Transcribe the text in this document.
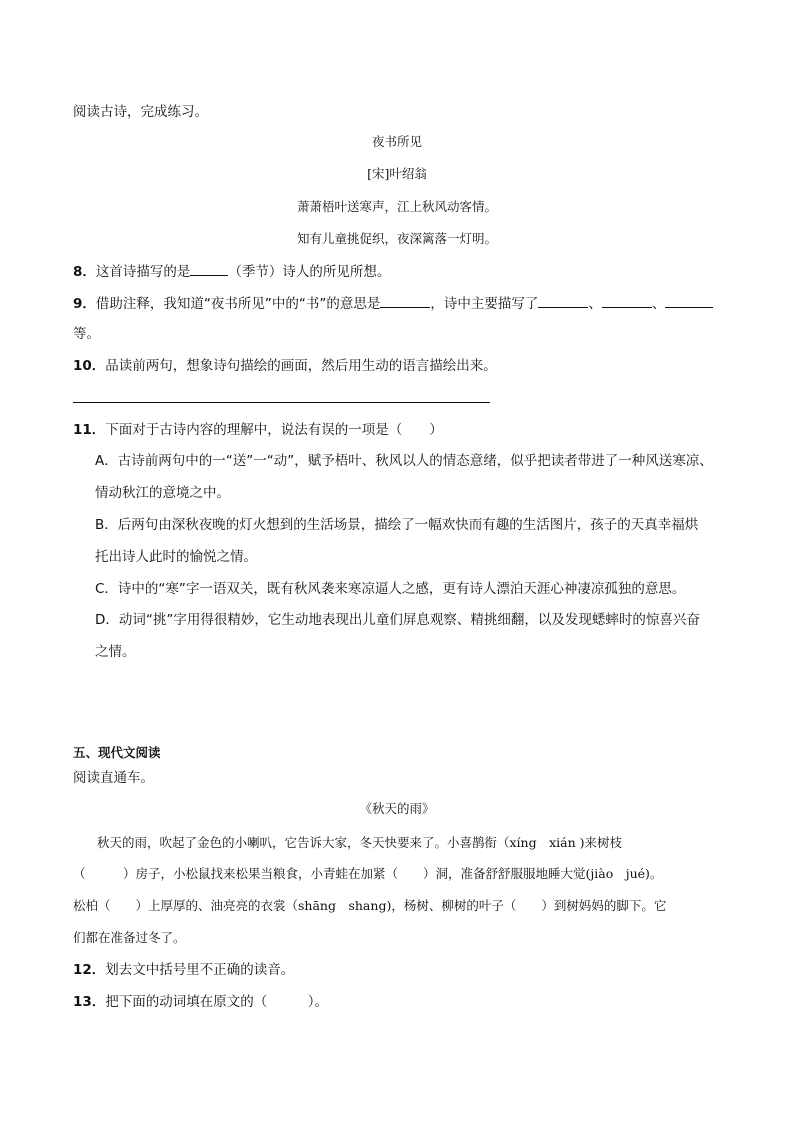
阅读古诗，完成练习。
夜书所见
[宋]叶绍翁
萧萧梧叶送寒声，江上秋风动客情。
知有儿童挑促织，夜深篱落一灯明。
8．这首诗描写的是	（季节）诗人的所见所想。
9．借助注释，我知道“夜书所见”中的“书”的意思是	，诗中主要描写了	、	、
等。
10．品读前两句，想象诗句描绘的画面，然后用生动的语言描绘出来。
11．下面对于古诗内容的理解中，说法有误的一项是（　　）
A．古诗前两句中的一“送”一“动”，赋予梧叶、秋风以人的情态意绪，似乎把读者带进了一种风送寒凉、
情动秋江的意境之中。
B．后两句由深秋夜晚的灯火想到的生活场景，描绘了一幅欢快而有趣的生活图片，孩子的天真幸福烘
托出诗人此时的愉悦之情。
C．诗中的“寒”字一语双关，既有秋风袭来寒凉逼人之感，更有诗人漂泊天涯心神凄凉孤独的意思。
D．动词“挑”字用得很精妙，它生动地表现出儿童们屏息观察、精挑细翻，以及发现蟋蟀时的惊喜兴奋
之情。
五、现代文阅读
阅读直通车。
《秋天的雨》
秋天的雨，吹起了金色的小喇叭，它告诉大家，冬天快要来了。小喜鹊衔（xíng　xián )来树枝
（　　　）房子，小松鼠找来松果当粮食，小青蛙在加紧（　　）洞，准备舒舒服服地睡大觉(jiào　jué)。
松柏（　　）上厚厚的、油亮亮的衣裳（shāng　shang)，杨树、柳树的叶子（　　）到树妈妈的脚下。它
们都在准备过冬了。
12．划去文中括号里不正确的读音。
13．把下面的动词填在原文的（　　　）。
